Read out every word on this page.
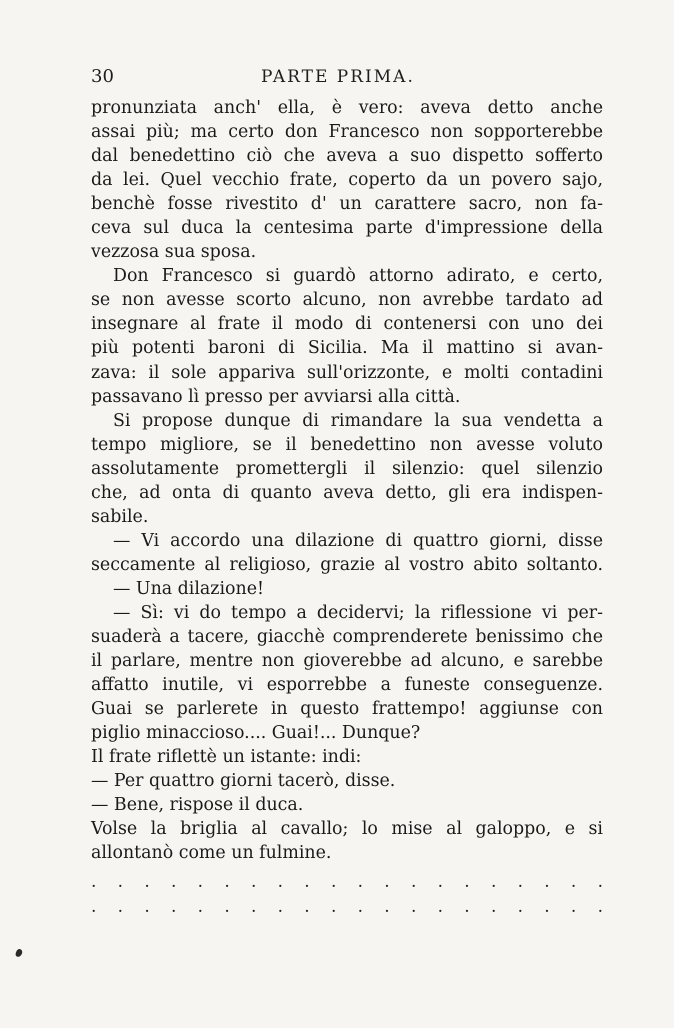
30	PARTE PRIMA.
pronunziata anch' ella, è vero: aveva detto anche
assai più; ma certo don Francesco non sopporterebbe
dal benedettino ciò che aveva a suo dispetto sofferto
da lei. Quel vecchio frate, coperto da un povero sajo,
benchè fosse rivestito d' un carattere sacro, non fa-
ceva sul duca la centesima parte d'impressione della
vezzosa sua sposa.
Don Francesco si guardò attorno adirato, e certo,
se non avesse scorto alcuno, non avrebbe tardato ad
insegnare al frate il modo di contenersi con uno dei
più potenti baroni di Sicilia. Ma il mattino si avan-
zava: il sole appariva sull'orizzonte, e molti contadini
passavano lì presso per avviarsi alla città.
Si propose dunque di rimandare la sua vendetta a
tempo migliore, se il benedettino non avesse voluto
assolutamente promettergli il silenzio: quel silenzio
che, ad onta di quanto aveva detto, gli era indispen-
sabile.
— Vi accordo una dilazione di quattro giorni, disse
seccamente al religioso, grazie al vostro abito soltanto.
— Una dilazione!
— Sì: vi do tempo a decidervi; la riflessione vi per-
suaderà a tacere, giacchè comprenderete benissimo che
il parlare, mentre non gioverebbe ad alcuno, e sarebbe
affatto inutile, vi esporrebbe a funeste conseguenze.
Guai se parlerete in questo frattempo! aggiunse con
piglio minaccioso.... Guai!... Dunque?
Il frate riflettè un istante: indi:
— Per quattro giorni tacerò, disse.
— Bene, rispose il duca.
Volse la briglia al cavallo; lo mise al galoppo, e si
allontanò come un fulmine.
. . . . . . . . . . . . . . . . . . . .
. . . . . . . . . . . . . . . . . . . .
